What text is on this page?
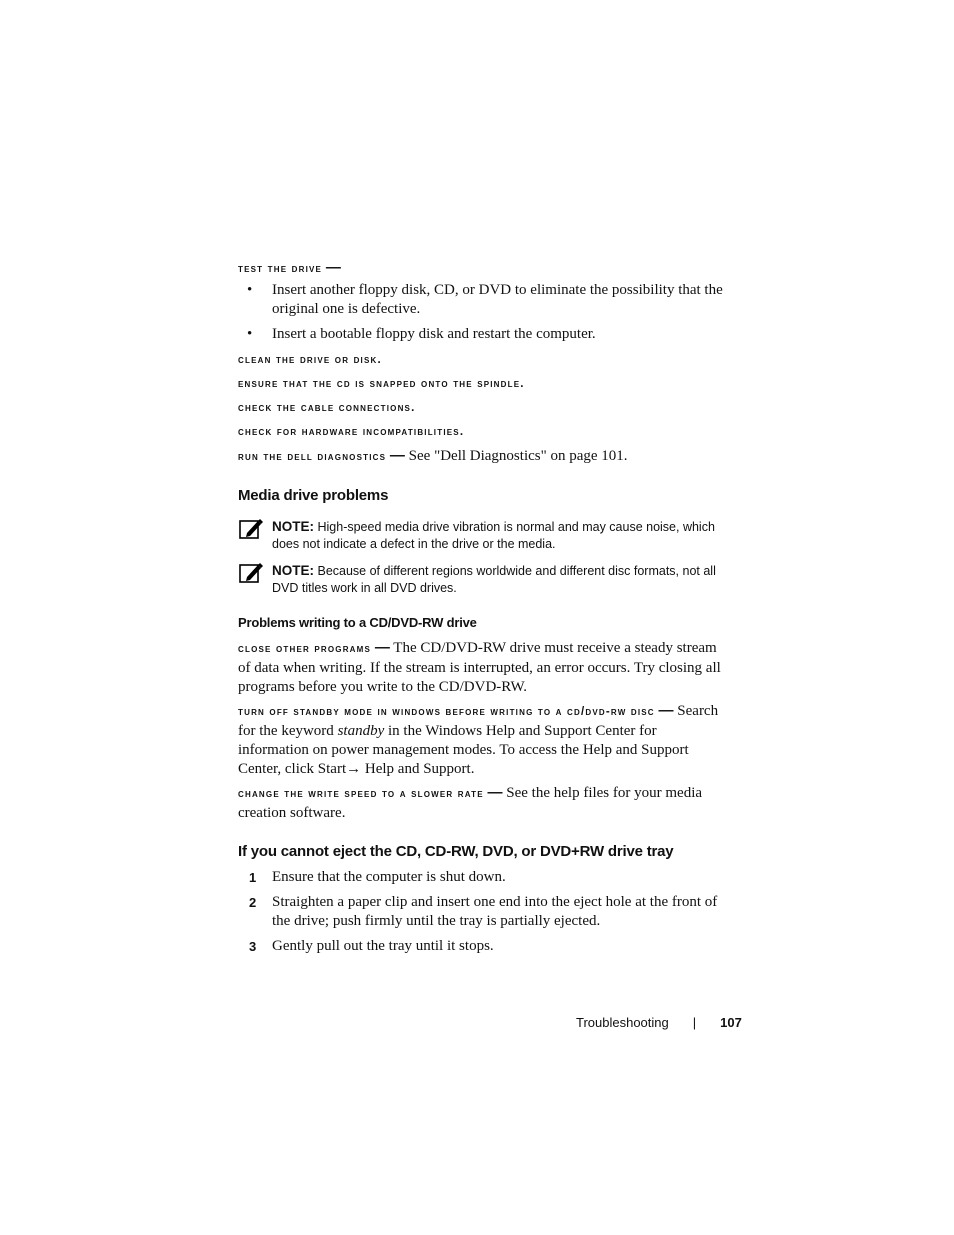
test the drive —

• Insert another floppy disk, CD, or DVD to eliminate the possibility that the original one is defective.
• Insert a bootable floppy disk and restart the computer.

clean the drive or disk.

ensure that the cd is snapped onto the spindle.

check the cable connections.

check for hardware incompatibilities.

run the dell diagnostics — See "Dell Diagnostics" on page 101.

Media drive problems
NOTE: High-speed media drive vibration is normal and may cause noise, which does not indicate a defect in the drive or the media.
NOTE: Because of different regions worldwide and different disc formats, not all DVD titles work in all DVD drives.
Problems writing to a CD/DVD-RW drive

close other programs — The CD/DVD-RW drive must receive a steady stream of data when writing. If the stream is interrupted, an error occurs. Try closing all programs before you write to the CD/DVD-RW.

turn off standby mode in windows before writing to a cd/dvd-rw disc — Search for the keyword standby in the Windows Help and Support Center for information on power management modes. To access the Help and Support Center, click Start→ Help and Support.

change the write speed to a slower rate — See the help files for your media creation software.

If you cannot eject the CD, CD-RW, DVD, or DVD+RW drive tray
1 Ensure that the computer is shut down.
2 Straighten a paper clip and insert one end into the eject hole at the front of the drive; push firmly until the tray is partially ejected.
3 Gently pull out the tray until it stops.
Troubleshooting | 107
